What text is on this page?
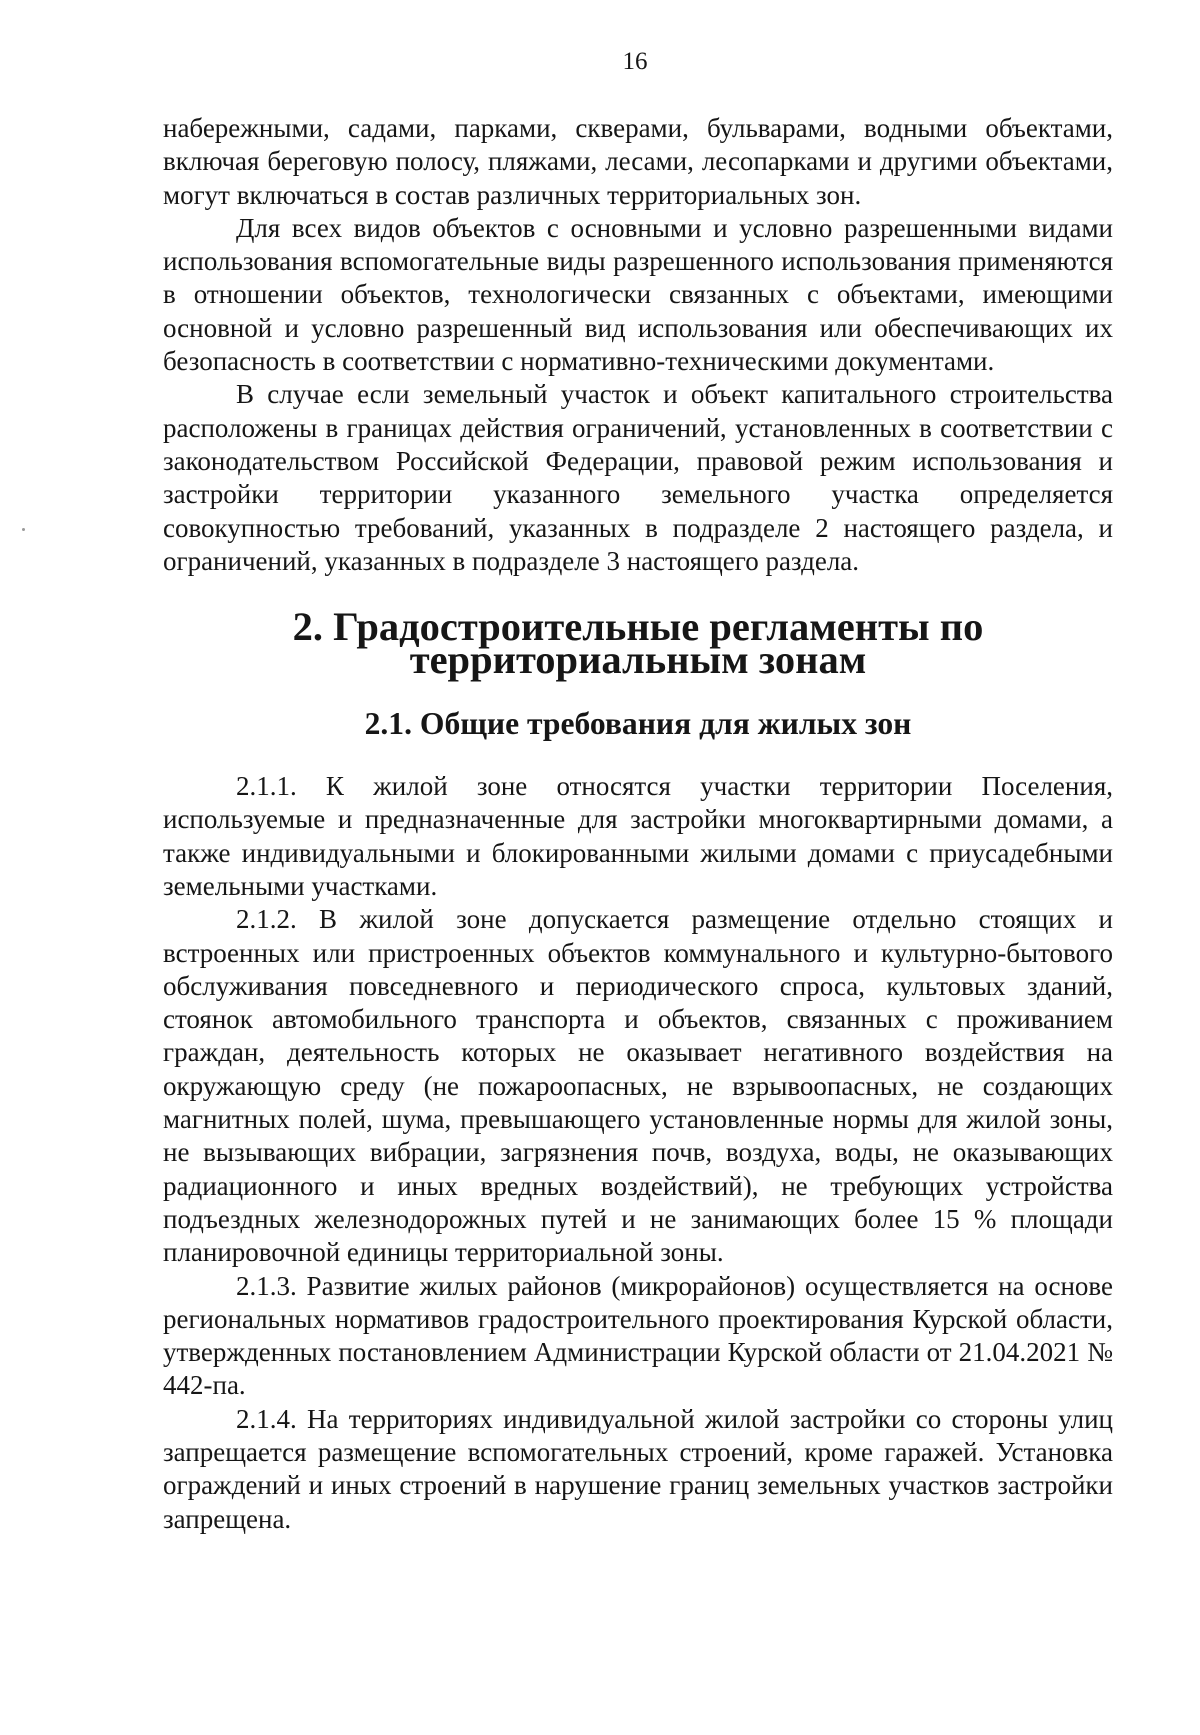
16

набережными, садами, парками, скверами, бульварами, водными объектами, включая береговую полосу, пляжами, лесами, лесопарками и другими объектами, могут включаться в состав различных территориальных зон.

Для всех видов объектов с основными и условно разрешенными видами использования вспомогательные виды разрешенного использования применяются в отношении объектов, технологически связанных с объектами, имеющими основной и условно разрешенный вид использования или обеспечивающих их безопасность в соответствии с нормативно-техническими документами.

В случае если земельный участок и объект капитального строительства расположены в границах действия ограничений, установленных в соответствии с законодательством Российской Федерации, правовой режим использования и застройки территории указанного земельного участка определяется совокупностью требований, указанных в подразделе 2 настоящего раздела, и ограничений, указанных в подразделе 3 настоящего раздела.

2. Градостроительные регламенты по территориальным зонам
2.1. Общие требования для жилых зон

2.1.1. К жилой зоне относятся участки территории Поселения, используемые и предназначенные для застройки многоквартирными домами, а также индивидуальными и блокированными жилыми домами с приусадебными земельными участками.

2.1.2. В жилой зоне допускается размещение отдельно стоящих и встроенных или пристроенных объектов коммунального и культурно-бытового обслуживания повседневного и периодического спроса, культовых зданий, стоянок автомобильного транспорта и объектов, связанных с проживанием граждан, деятельность которых не оказывает негативного воздействия на окружающую среду (не пожароопасных, не взрывоопасных, не создающих магнитных полей, шума, превышающего установленные нормы для жилой зоны, не вызывающих вибрации, загрязнения почв, воздуха, воды, не оказывающих радиационного и иных вредных воздействий), не требующих устройства подъездных железнодорожных путей и не занимающих более 15 % площади планировочной единицы территориальной зоны.

2.1.3. Развитие жилых районов (микрорайонов) осуществляется на основе региональных нормативов градостроительного проектирования Курской области, утвержденных постановлением Администрации Курской области от 21.04.2021 № 442-па.

2.1.4. На территориях индивидуальной жилой застройки со стороны улиц запрещается размещение вспомогательных строений, кроме гаражей. Установка ограждений и иных строений в нарушение границ земельных участков застройки запрещена.
